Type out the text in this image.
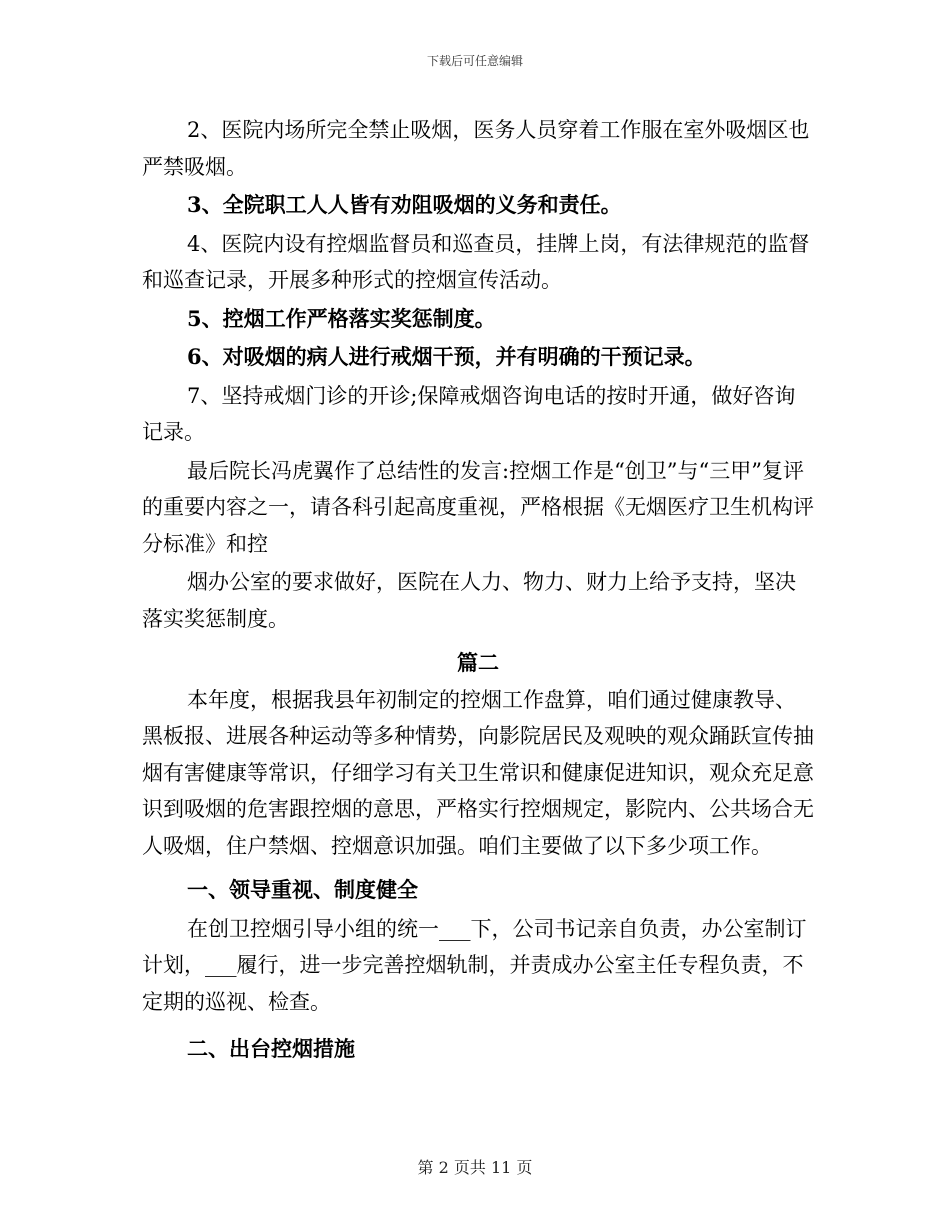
下载后可任意编辑

2、医院内场所完全禁止吸烟，医务人员穿着工作服在室外吸烟区也严禁吸烟。

3、全院职工人人皆有劝阻吸烟的义务和责任。

4、医院内设有控烟监督员和巡查员，挂牌上岗，有法律规范的监督和巡查记录，开展多种形式的控烟宣传活动。

5、控烟工作严格落实奖惩制度。

6、对吸烟的病人进行戒烟干预，并有明确的干预记录。

7、坚持戒烟门诊的开诊;保障戒烟咨询电话的按时开通，做好咨询记录。

最后院长冯虎翼作了总结性的发言:控烟工作是“创卫”与“三甲”复评的重要内容之一，请各科引起高度重视，严格根据《无烟医疗卫生机构评分标准》和控

烟办公室的要求做好，医院在人力、物力、财力上给予支持，坚决落实奖惩制度。

篇二

本年度，根据我县年初制定的控烟工作盘算，咱们通过健康教导、黑板报、进展各种运动等多种情势，向影院居民及观映的观众踊跃宣传抽烟有害健康等常识，仔细学习有关卫生常识和健康促进知识，观众充足意识到吸烟的危害跟控烟的意思，严格实行控烟规定，影院内、公共场合无人吸烟，住户禁烟、控烟意识加强。咱们主要做了以下多少项工作。

一、领导重视、制度健全

在创卫控烟引导小组的统一___下，公司书记亲自负责，办公室制订计划，___履行，进一步完善控烟轨制，并责成办公室主任专程负责，不定期的巡视、检查。

二、出台控烟措施

第 2 页共 11 页
